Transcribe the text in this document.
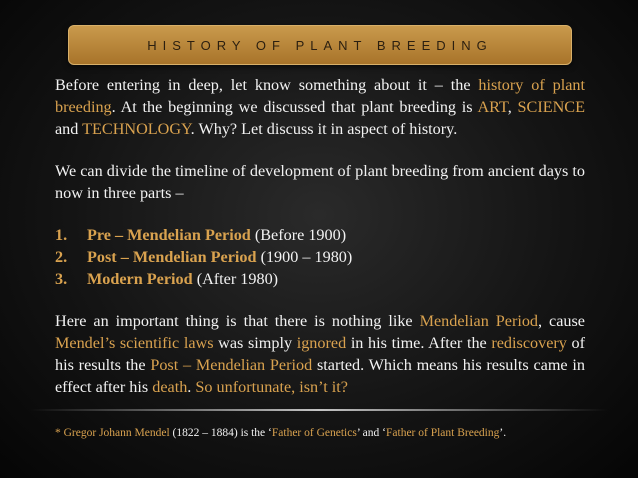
HISTORY OF PLANT BREEDING

Before entering in deep, let know something about it – the history of plant breeding. At the beginning we discussed that plant breeding is ART, SCIENCE and TECHNOLOGY. Why? Let discuss it in aspect of history.

We can divide the timeline of development of plant breeding from ancient days to now in three parts –

1.	Pre – Mendelian Period (Before 1900)
2.	Post – Mendelian Period (1900 – 1980)
3.	Modern Period (After 1980)

Here an important thing is that there is nothing like Mendelian Period, cause Mendel’s scientific laws was simply ignored in his time. After the rediscovery of his results the Post – Mendelian Period started. Which means his results came in effect after his death. So unfortunate, isn’t it?

* Gregor Johann Mendel (1822 – 1884) is the ‘Father of Genetics’ and ‘Father of Plant Breeding’.
